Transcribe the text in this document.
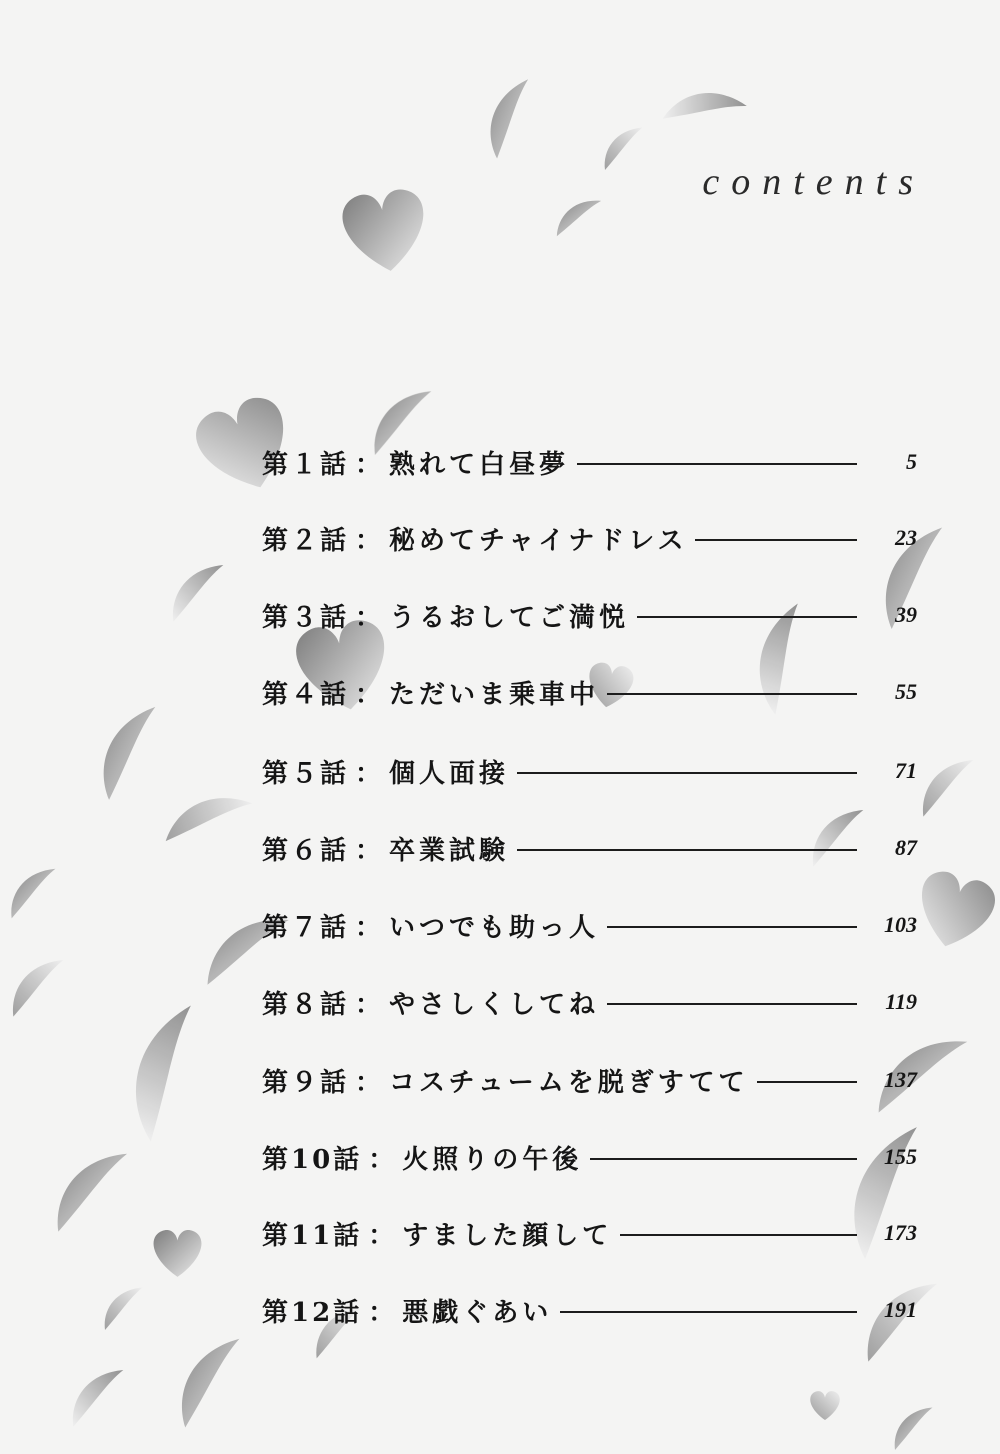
contents
第１話 ： 熟れて白昼夢	5
第２話 ： 秘めてチャイナドレス	23
第３話 ： うるおしてご満悦	39
第４話 ： ただいま乗車中	55
第５話 ： 個人面接	71
第６話 ： 卒業試験	87
第７話 ： いつでも助っ人	103
第８話 ： やさしくしてね	119
第９話 ： コスチュームを脱ぎすてて	137
第10話 ： 火照りの午後	155
第11話 ： すました顔して	173
第12話 ： 悪戯ぐあい	191
